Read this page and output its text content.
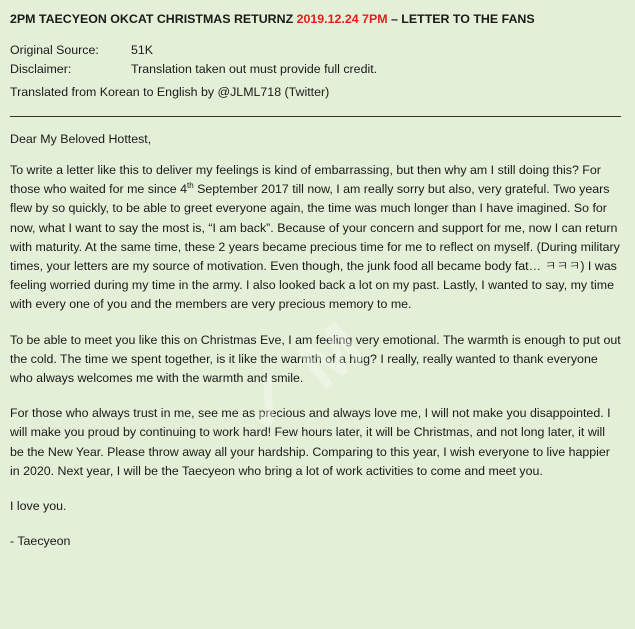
✓ M
2PM TAECYEON OKCAT CHRISTMAS RETURNZ 2019.12.24 7PM – LETTER TO THE FANS
Original Source:	51K
Disclaimer:	Translation taken out must provide full credit.
Translated from Korean to English by @JLML718 (Twitter)

Dear My Beloved Hottest,

To write a letter like this to deliver my feelings is kind of embarrassing, but then why am I still doing this? For those who waited for me since 4th September 2017 till now, I am really sorry but also, very grateful. Two years flew by so quickly, to be able to greet everyone again, the time was much longer than I have imagined. So for now, what I want to say the most is, “I am back”. Because of your concern and support for me, now I can return with maturity. At the same time, these 2 years became precious time for me to reflect on myself. (During military times, your letters are my source of motivation. Even though, the junk food all became body fat… ㅋㅋㅋ) I was feeling worried during my time in the army. I also looked back a lot on my past. Lastly, I wanted to say, my time with every one of you and the members are very precious memory to me.

To be able to meet you like this on Christmas Eve, I am feeling very emotional. The warmth is enough to put out the cold. The time we spent together, is it like the warmth of a hug? I really, really wanted to thank everyone who always welcomes me with the warmth and smile.

For those who always trust in me, see me as precious and always love me, I will not make you disappointed. I will make you proud by continuing to work hard! Few hours later, it will be Christmas, and not long later, it will be the New Year. Please throw away all your hardship. Comparing to this year, I wish everyone to live happier in 2020. Next year, I will be the Taecyeon who bring a lot of work activities to come and meet you.

I love you.

- Taecyeon
